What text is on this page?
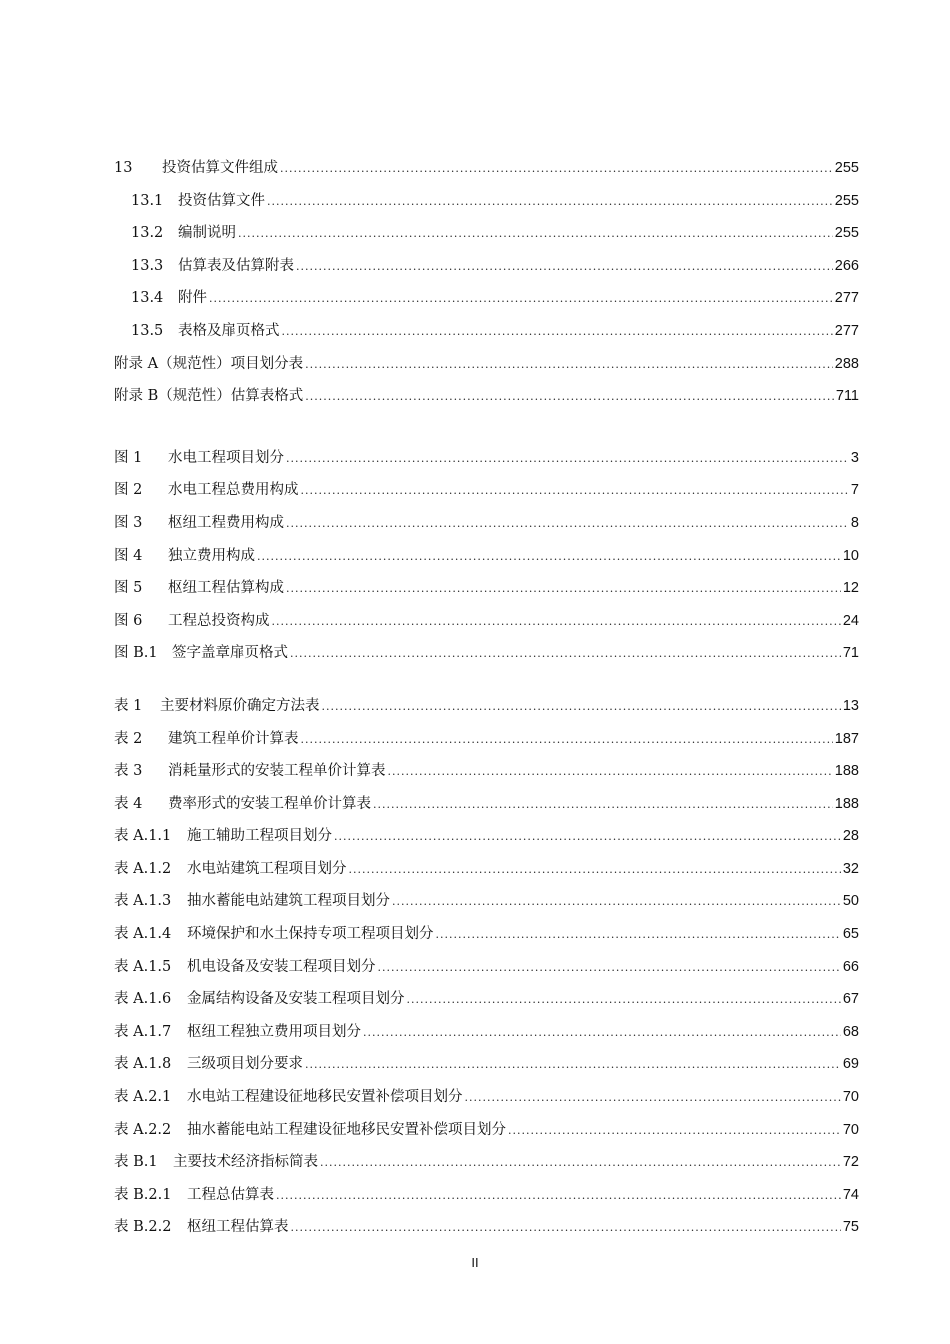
13	投资估算文件组成 .....	255
13.1	投资估算文件 .....	255
13.2	编制说明 .....	255
13.3	估算表及估算附表 .....	266
13.4	附件 .....	277
13.5	表格及扉页格式 .....	277
附录 A（规范性）项目划分表 .....	288
附录 B（规范性）估算表格式 .....	711
图 1	水电工程项目划分 .....	3
图 2	水电工程总费用构成 .....	7
图 3	枢纽工程费用构成 .....	8
图 4	独立费用构成 .....	10
图 5	枢纽工程估算构成 .....	12
图 6	工程总投资构成 .....	24
图 B.1 签字盖章扉页格式 .....	71
表 1	主要材料原价确定方法表 .....	13
表 2	建筑工程单价计算表 .....	187
表 3	消耗量形式的安装工程单价计算表 .....	188
表 4	费率形式的安装工程单价计算表 .....	188
表 A.1.1	施工辅助工程项目划分 .....	28
表 A.1.2	水电站建筑工程项目划分 .....	32
表 A.1.3	抽水蓄能电站建筑工程项目划分 .....	50
表 A.1.4	环境保护和水土保持专项工程项目划分 .....	65
表 A.1.5	机电设备及安装工程项目划分 .....	66
表 A.1.6	金属结构设备及安装工程项目划分 .....	67
表 A.1.7	枢纽工程独立费用项目划分 .....	68
表 A.1.8	三级项目划分要求 .....	69
表 A.2.1	水电站工程建设征地移民安置补偿项目划分 .....	70
表 A.2.2	抽水蓄能电站工程建设征地移民安置补偿项目划分 .....	70
表 B.1	主要技术经济指标简表 .....	72
表 B.2.1	工程总估算表 .....	74
表 B.2.2	枢纽工程估算表 .....	75
II
